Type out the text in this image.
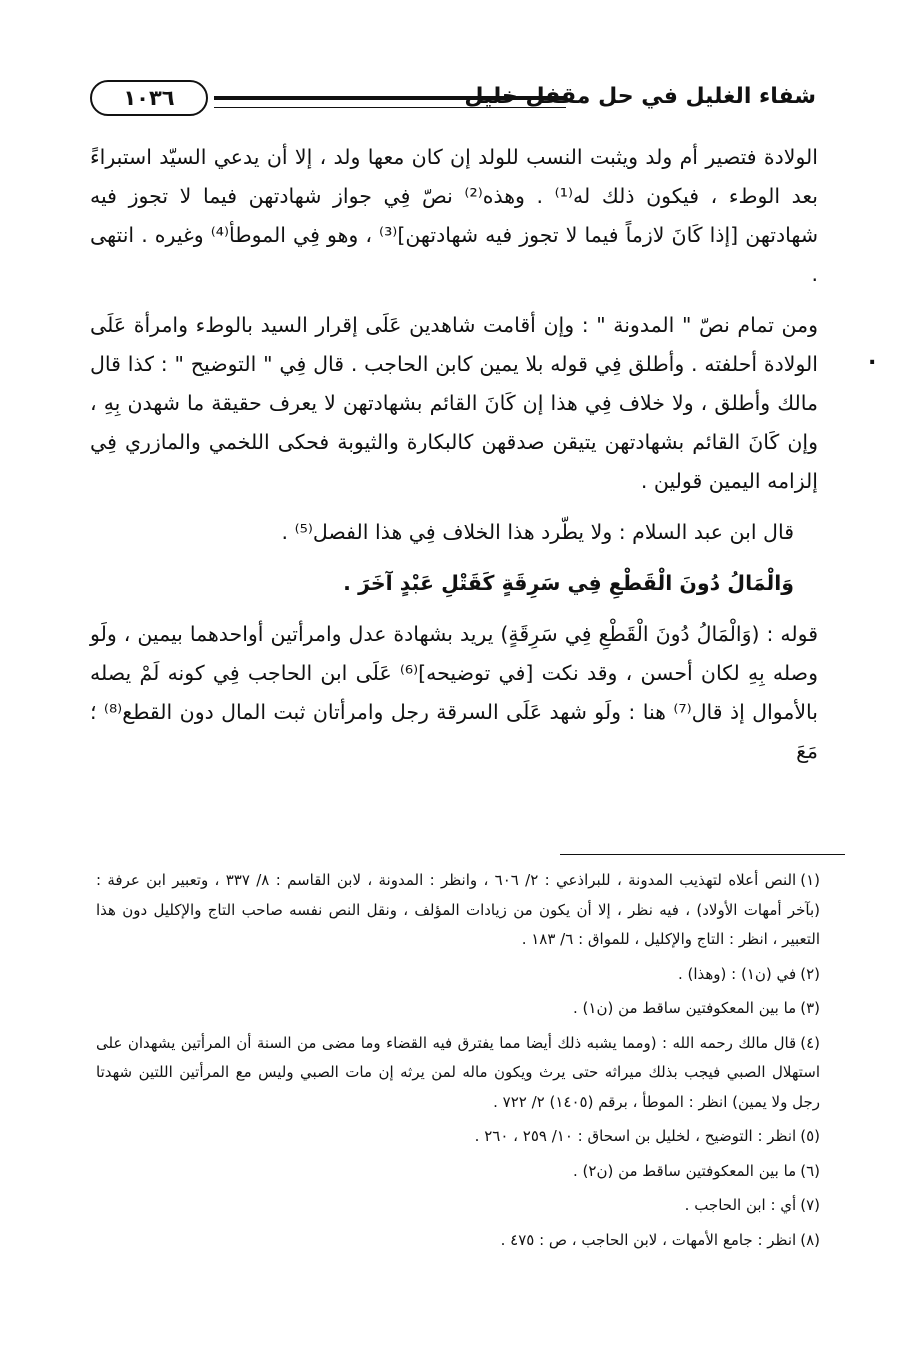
شفاء الغليل في حل مقفل خليل
١٠٣٦

الولادة فتصير أم ولد ويثبت النسب للولد إن كان معها ولد ، إلا أن يدعي السيّد استبراءً بعد الوطء ، فيكون ذلك له⁽¹⁾ . وهذه⁽²⁾ نصّ فِي جواز شهادتهن فيما لا تجوز فيه شهادتهن [إذا كَانَ لازماً فيما لا تجوز فيه شهادتهن]⁽³⁾ ، وهو فِي الموطأ⁽⁴⁾ وغيره . انتهى .

ومن تمام نصّ " المدونة " : وإن أقامت شاهدين عَلَى إقرار السيد بالوطء وامرأة عَلَى الولادة أحلفته . وأطلق فِي قوله بلا يمين كابن الحاجب . قال فِي " التوضيح " : كذا قال مالك وأطلق ، ولا خلاف فِي هذا إن كَانَ القائم بشهادتهن لا يعرف حقيقة ما شهدن بِهِ ، وإن كَانَ القائم بشهادتهن يتيقن صدقهن كالبكارة والثيوبة فحكى اللخمي والمازري فِي إلزامه اليمين قولين .

قال ابن عبد السلام : ولا يطّرد هذا الخلاف فِي هذا الفصل⁽⁵⁾ .

وَالْمَالُ دُونَ الْقَطْعِ فِي سَرِقَةٍ كَقَتْلِ عَبْدٍ آخَرَ .

قوله : (وَالْمَالُ دُونَ الْقَطْعِ فِي سَرِقَةٍ) يريد بشهادة عدل وامرأتين أواحدهما بيمين ، ولَو وصله بِهِ لكان أحسن ، وقد نكت [في توضيحه]⁽⁶⁾ عَلَى ابن الحاجب فِي كونه لَمْ يصله بالأموال إذ قال⁽⁷⁾ هنا : ولَو شهد عَلَى السرقة رجل وامرأتان ثبت المال دون القطع⁽⁸⁾ ؛ مَعَ

.

(١)النص أعلاه لتهذيب المدونة ، للبراذعي : ٢/ ٦٠٦ ، وانظر : المدونة ، لابن القاسم : ٨/ ٣٣٧ ، وتعبير ابن عرفة : (بآخر أمهات الأولاد) ، فيه نظر ، إلا أن يكون من زيادات المؤلف ، ونقل النص نفسه صاحب التاج والإكليل دون هذا التعبير ، انظر : التاج والإكليل ، للمواق : ٦/ ١٨٣ .

(٢)في (ن١) : (وهذا) .

(٣)ما بين المعكوفتين ساقط من (ن١) .

(٤)قال مالك رحمه الله : (ومما يشبه ذلك أيضا مما يفترق فيه القضاء وما مضى من السنة أن المرأتين يشهدان على استهلال الصبي فيجب بذلك ميراثه حتى يرث ويكون ماله لمن يرثه إن مات الصبي وليس مع المرأتين اللتين شهدتا رجل ولا يمين) انظر : الموطأ ، برقم (١٤٠٥) ٢/ ٧٢٢ .

(٥)انظر : التوضيح ، لخليل بن اسحاق : ١٠/ ٢٥٩ ، ٢٦٠ .

(٦)ما بين المعكوفتين ساقط من (ن٢) .

(٧)أي : ابن الحاجب .

(٨)انظر : جامع الأمهات ، لابن الحاجب ، ص : ٤٧٥ .
